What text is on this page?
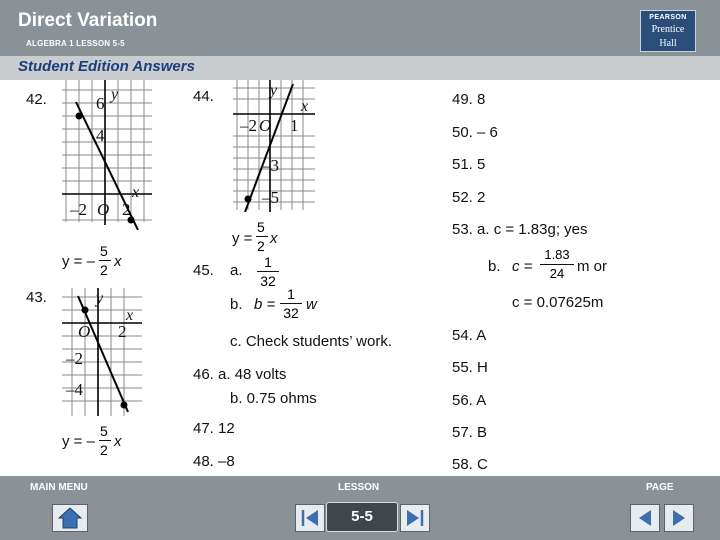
Direct Variation
ALGEBRA 1 LESSON 5-5
PEARSON
Prentice
Hall
Student Edition Answers
42.	6
4
y
x
–2 O 2
y = –
5
2 x
43.	y
x
O 2
–2
–4
y = –
5
2 x
44.	y
x
–2 O 1
–3
–5
y =
5
2 x
45. a. 1
32
b. b =
1
32 w
c. Check students’ work.
46. a. 48 volts
b. 0.75 ohms
47. 12
48. –8
49. 8
50. – 6
51. 5
52. 2
53. a. c = 1.83g; yes
b. c =
1.83
24 m or
c = 0.07625m
54. A
55. H
56. A
57. B
58. C
MAIN MENU	LESSON	PAGE
5-5
